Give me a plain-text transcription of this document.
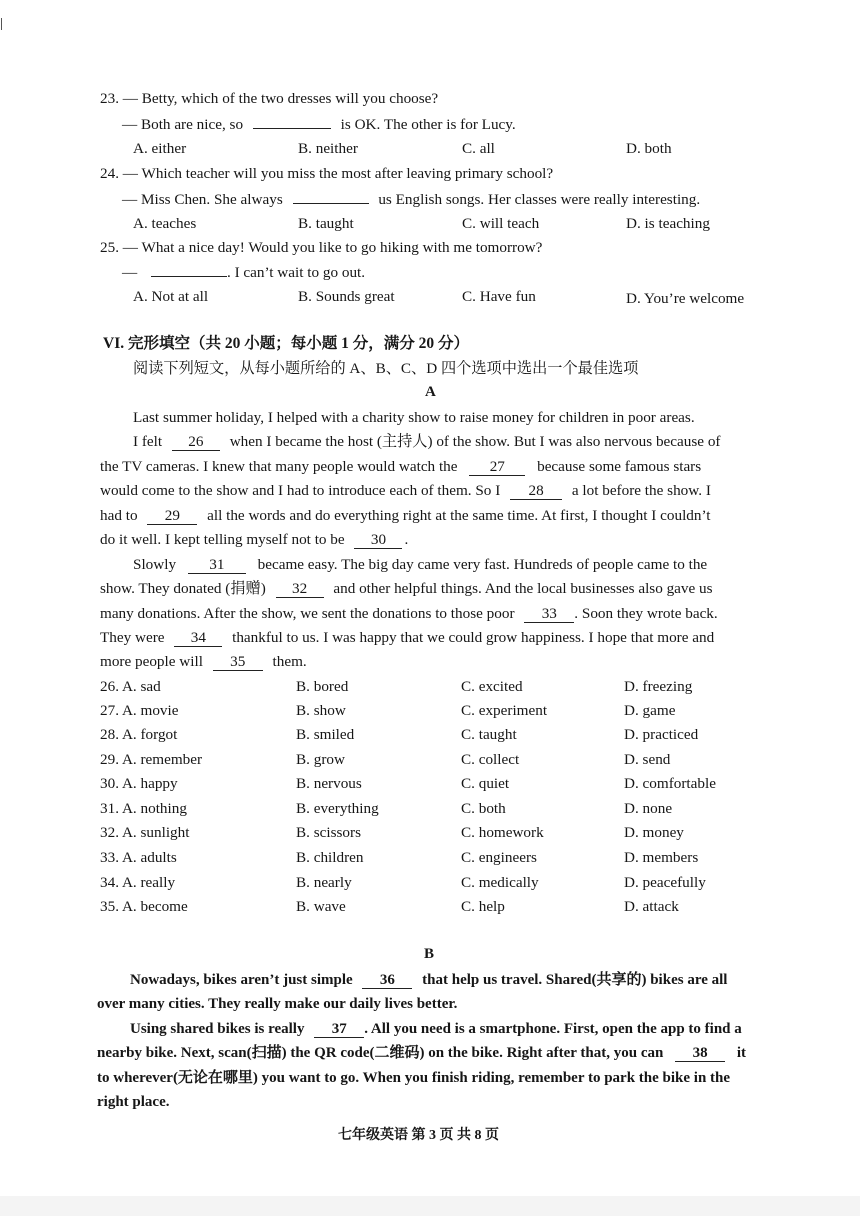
23. — Betty, which of the two dresses will you choose?
— Both are nice, so	is OK. The other is for Lucy.
A. either	B. neither	C. all	D. both
24. — Which teacher will you miss the most after leaving primary school?
— Miss Chen. She always	us English songs. Her classes were really interesting.
A. teaches	B. taught	C. will teach	D. is teaching
25. — What a nice day! Would you like to go hiking with me tomorrow?
—	. I can’t wait to go out.
A. Not at all	B. Sounds great	C. Have fun	D. You’re welcome
VI. 完形填空（共 20 小题；每小题 1 分，满分 20 分）
阅读下列短文，从每小题所给的 A、B、C、D 四个选项中选出一个最佳选项
A
Last summer holiday, I helped with a charity show to raise money for children in poor areas.
I felt 26 when I became the host (主持人) of the show. But I was also nervous because of
the TV cameras. I knew that many people would watch the 27 because some famous stars
would come to the show and I had to introduce each of them. So I 28 a lot before the show. I
had to 29 all the words and do everything right at the same time. At first, I thought I couldn’t
do it well. I kept telling myself not to be 30 .
Slowly 31 became easy. The big day came very fast. Hundreds of people came to the
show. They donated (捐赠) 32 and other helpful things. And the local businesses also gave us
many donations. After the show, we sent the donations to those poor 33 . Soon they wrote back.
They were 34 thankful to us. I was happy that we could grow happiness. I hope that more and
more people will 35 them.
26. A. sad	B. bored	C. excited	D. freezing
27. A. movie	B. show	C. experiment	D. game
28. A. forgot	B. smiled	C. taught	D. practiced
29. A. remember	B. grow	C. collect	D. send
30. A. happy	B. nervous	C. quiet	D. comfortable
31. A. nothing	B. everything	C. both	D. none
32. A. sunlight	B. scissors	C. homework	D. money
33. A. adults	B. children	C. engineers	D. members
34. A. really	B. nearly	C. medically	D. peacefully
35. A. become	B. wave	C. help	D. attack
B
Nowadays, bikes aren’t just simple 36 that help us travel. Shared(共享的) bikes are all
over many cities. They really make our daily lives better.
Using shared bikes is really 37 . All you need is a smartphone. First, open the app to find a
nearby bike. Next, scan(扫描) the QR code(二维码) on the bike. Right after that, you can 38 it
to wherever(无论在哪里) you want to go. When you finish riding, remember to park the bike in the
right place.
七年级英语 第 3 页 共 8 页
